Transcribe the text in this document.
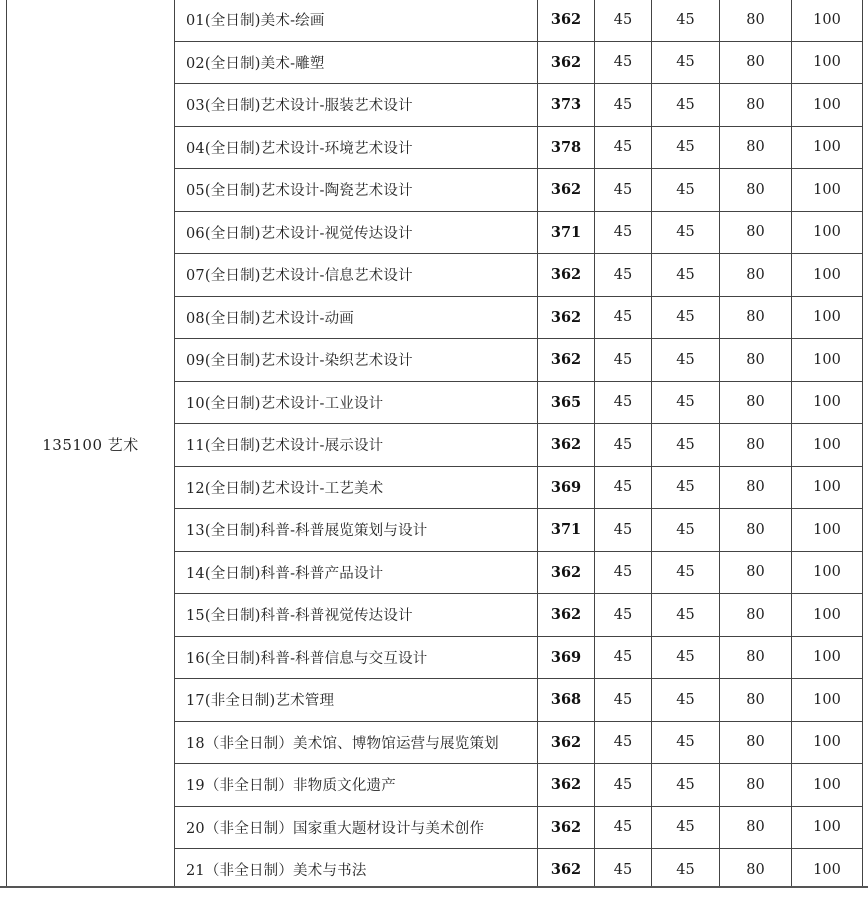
135100 艺术	01(全日制)美术-绘画	362	45	45	80	100
	02(全日制)美术-雕塑	362	45	45	80	100
	03(全日制)艺术设计-服装艺术设计	373	45	45	80	100
	04(全日制)艺术设计-环境艺术设计	378	45	45	80	100
	05(全日制)艺术设计-陶瓷艺术设计	362	45	45	80	100
	06(全日制)艺术设计-视觉传达设计	371	45	45	80	100
	07(全日制)艺术设计-信息艺术设计	362	45	45	80	100
	08(全日制)艺术设计-动画	362	45	45	80	100
	09(全日制)艺术设计-染织艺术设计	362	45	45	80	100
	10(全日制)艺术设计-工业设计	365	45	45	80	100
	11(全日制)艺术设计-展示设计	362	45	45	80	100
	12(全日制)艺术设计-工艺美术	369	45	45	80	100
	13(全日制)科普-科普展览策划与设计	371	45	45	80	100
	14(全日制)科普-科普产品设计	362	45	45	80	100
	15(全日制)科普-科普视觉传达设计	362	45	45	80	100
	16(全日制)科普-科普信息与交互设计	369	45	45	80	100
	17(非全日制)艺术管理	368	45	45	80	100
	18（非全日制）美术馆、博物馆运营与展览策划	362	45	45	80	100
	19（非全日制）非物质文化遗产	362	45	45	80	100
	20（非全日制）国家重大题材设计与美术创作	362	45	45	80	100
	21（非全日制）美术与书法	362	45	45	80	100
